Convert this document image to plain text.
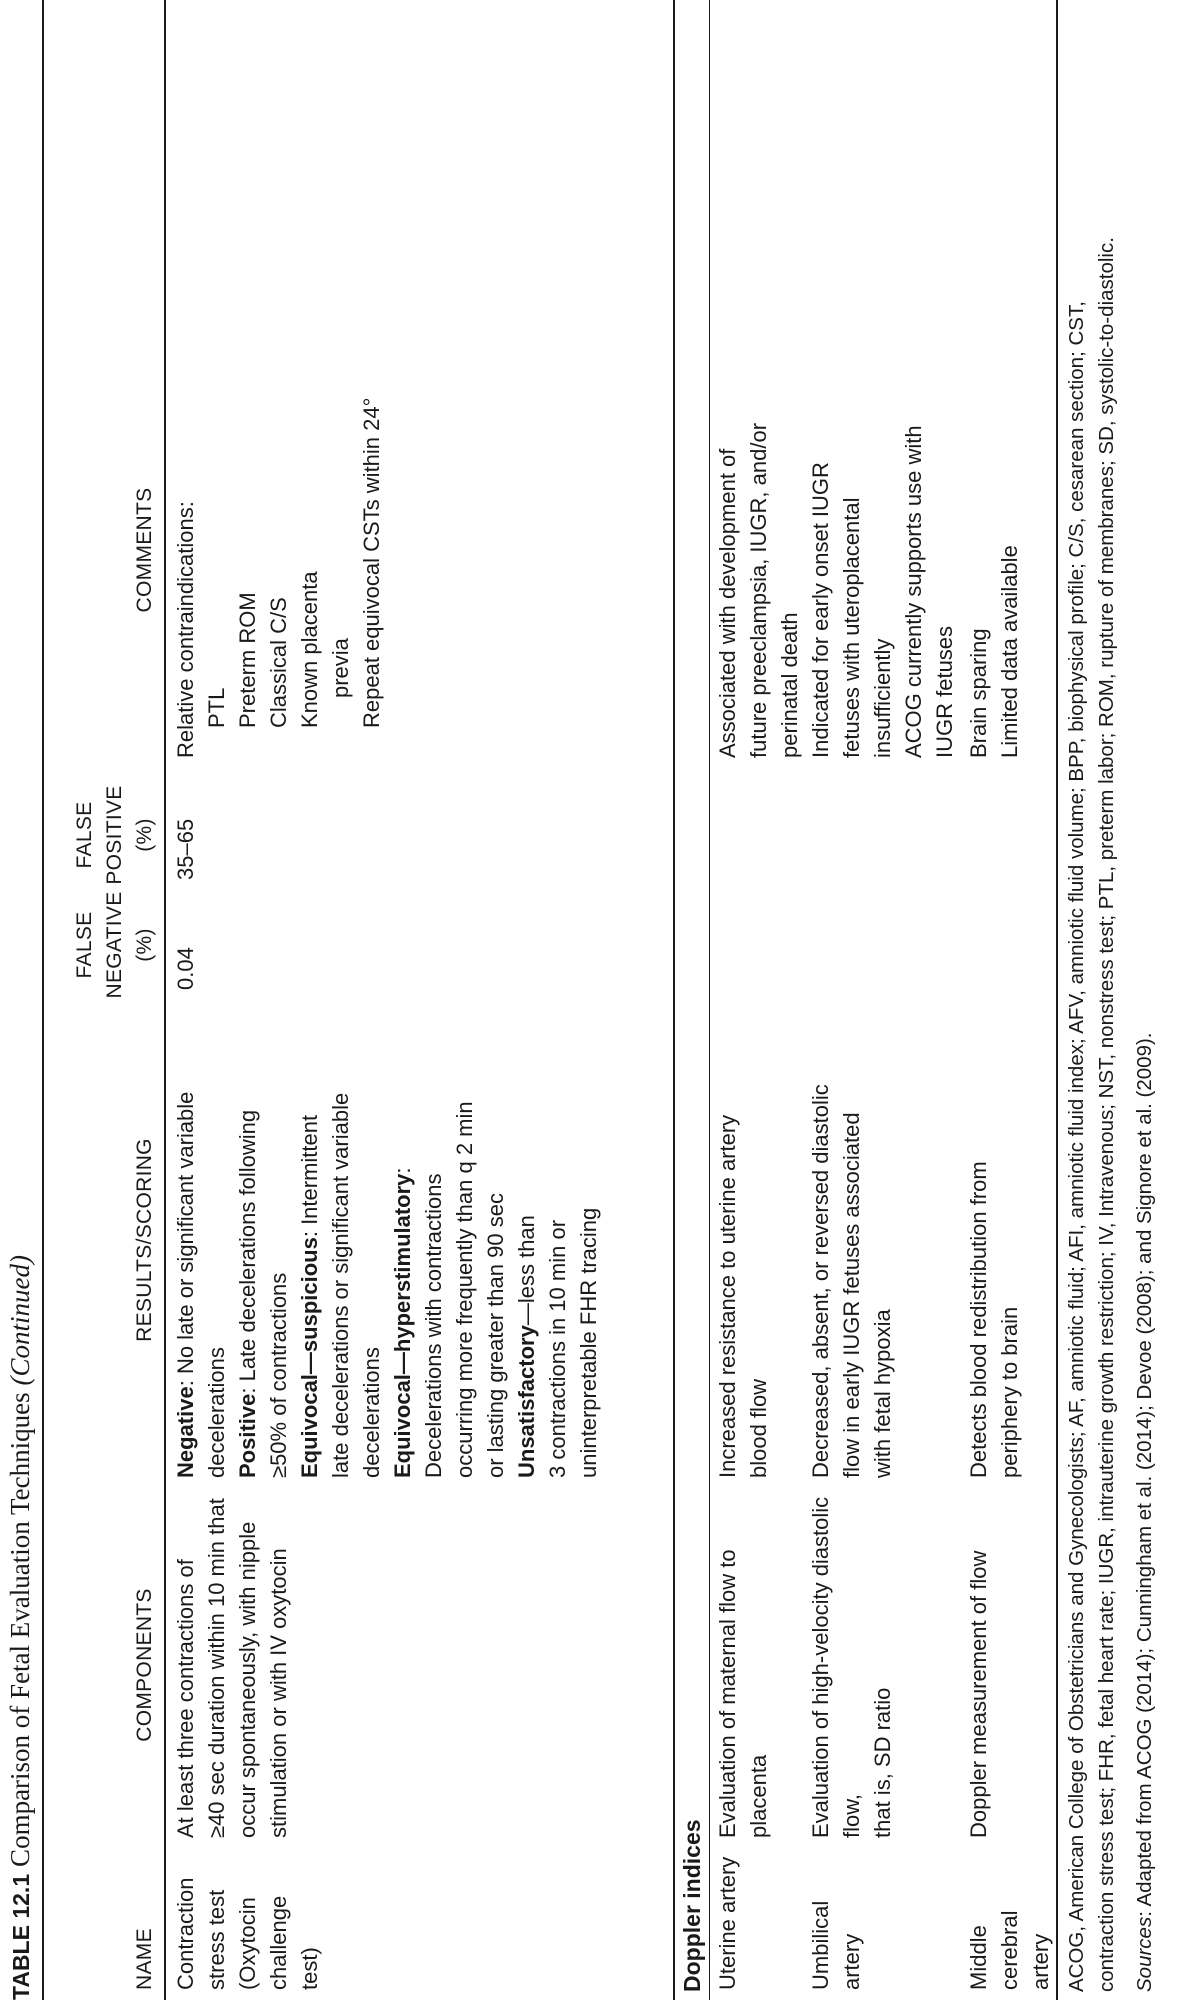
TABLE 12.1 Comparison of Fetal Evaluation Techniques (Continued)
NAME
COMPONENTS
RESULTS/SCORING
FALSE NEGATIVE (%)
FALSE POSITIVE (%)
COMMENTS
Contraction stress test (Oxytocin challenge test)
At least three contractions of ≥40 sec duration within 10 min that occur spontaneously, with nipple stimulation or with IV oxytocin
Negative: No late or significant variable
decelerations Positive: Late decelerations following ≥50% of contractions Equivocal—suspicious: Intermittent late decelerations or significant variable decelerations Equivocal—hyperstimulatory:
Decelerations with contractions occurring more frequently than q 2 min or lasting greater than 90 sec Unsatisfactory—less than 3 contractions in 10 min or uninterpretable FHR tracing
0.04
35–65
Relative contraindications: PTL Preterm ROM Classical C/S Known placenta previa Repeat equivocal CSTs within 24°
Doppler indices Uterine artery
Evaluation of maternal flow to placenta
Increased resistance to uterine artery blood flow
Associated with development of future preeclampsia, IUGR, and/or perinatal death
Umbilical artery
Evaluation of high-velocity diastolic flow, that is, SD ratio
Decreased, absent, or reversed diastolic flow in early IUGR fetuses associated with fetal hypoxia
Indicated for early onset IUGR fetuses with uteroplacental insufficiently ACOG currently supports use with IUGR fetuses
Middle cerebral artery
Doppler measurement of flow
Detects blood redistribution from periphery to brain
Brain sparing Limited data available ACOG, American College of Obstetricians and Gynecologists; AF, amniotic fluid; AFI, amniotic fluid index; AFV, amniotic fluid volume; BPP, biophysical profile; C/S, cesarean section; CST, contraction stress test; FHR, fetal heart rate; IUGR, intrauterine growth restriction; IV, Intravenous; NST, nonstress test; PTL, preterm labor; ROM, rupture of membranes; SD, systolic-to-diastolic. Sources: Adapted from ACOG (2014); Cunningham et al. (2014); Devoe (2008); and Signore et al. (2009).
